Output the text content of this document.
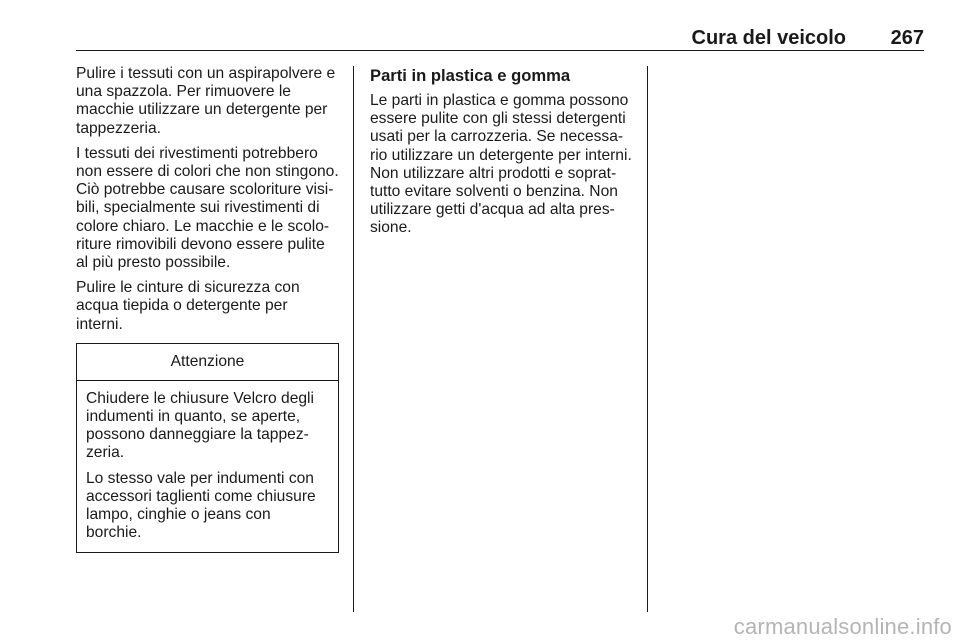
Cura del veicolo 267

Pulire i tessuti con un aspirapolvere e
una spazzola. Per rimuovere le
macchie utilizzare un detergente per
tappezzeria.

I tessuti dei rivestimenti potrebbero
non essere di colori che non stingono.
Ciò potrebbe causare scoloriture visi‐
bili, specialmente sui rivestimenti di
colore chiaro. Le macchie e le scolo‐
riture rimovibili devono essere pulite
al più presto possibile.

Pulire le cinture di sicurezza con
acqua tiepida o detergente per
interni.

Attenzione

Chiudere le chiusure Velcro degli
indumenti in quanto, se aperte,
possono danneggiare la tappez‐
zeria.

Lo stesso vale per indumenti con
accessori taglienti come chiusure
lampo, cinghie o jeans con
borchie.

Parti in plastica e gomma

Le parti in plastica e gomma possono
essere pulite con gli stessi detergenti
usati per la carrozzeria. Se necessa‐
rio utilizzare un detergente per interni.
Non utilizzare altri prodotti e soprat‐
tutto evitare solventi o benzina. Non
utilizzare getti d'acqua ad alta pres‐
sione.

carmanualsonline.info
